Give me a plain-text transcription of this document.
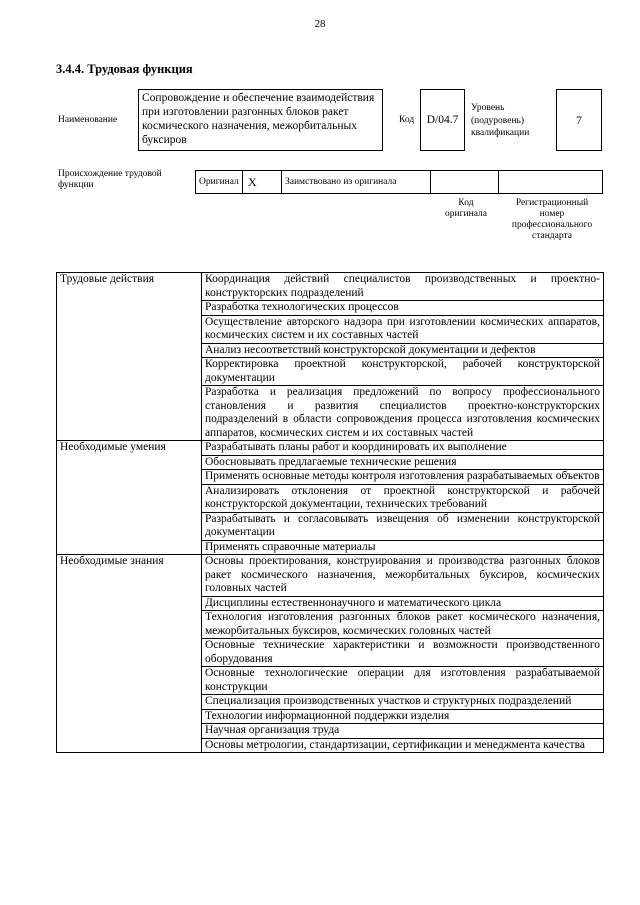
28
3.4.4. Трудовая функция
Наименование
Сопровождение и обеспечение взаимодействия при изготовлении разгонных блоков ракет космического назначения, межорбитальных буксиров
Код	D/04.7
Уровень
(подуровень)
квалификации
7
Происхождение трудовой
функции	Оригинал X	Заимствовано из оригинала
Код
оригинала
Регистрационный
номер
профессионального
стандарта
Трудовые действия	Координация действий специалистов производственных и проектно-конструкторских подразделений
	Разработка технологических процессов
	Осуществление авторского надзора при изготовлении космических аппаратов, космических систем и их составных частей
	Анализ несоответствий конструкторской документации и дефектов
	Корректировка проектной конструкторской, рабочей конструкторской документации
	Разработка и реализация предложений по вопросу профессионального становления и развития специалистов проектно-конструкторских подразделений в области сопровождения процесса изготовления космических аппаратов, космических систем и их составных частей
Необходимые умения	Разрабатывать планы работ и координировать их выполнение
	Обосновывать предлагаемые технические решения
	Применять основные методы контроля изготовления разрабатываемых объектов
	Анализировать отклонения от проектной конструкторской и рабочей конструкторской документации, технических требований
	Разрабатывать и согласовывать извещения об изменении конструкторской документации
	Применять справочные материалы
Необходимые знания	Основы проектирования, конструирования и производства разгонных блоков ракет космического назначения, межорбитальных буксиров, космических головных частей
	Дисциплины естественнонаучного и математического цикла
	Технология изготовления разгонных блоков ракет космического назначения, межорбитальных буксиров, космических головных частей
	Основные технические характеристики и возможности производственного оборудования
	Основные технологические операции для изготовления разрабатываемой конструкции
	Специализация производственных участков и структурных подразделений
	Технологии информационной поддержки изделия
	Научная организация труда
	Основы метрологии, стандартизации, сертификации и менеджмента качества
